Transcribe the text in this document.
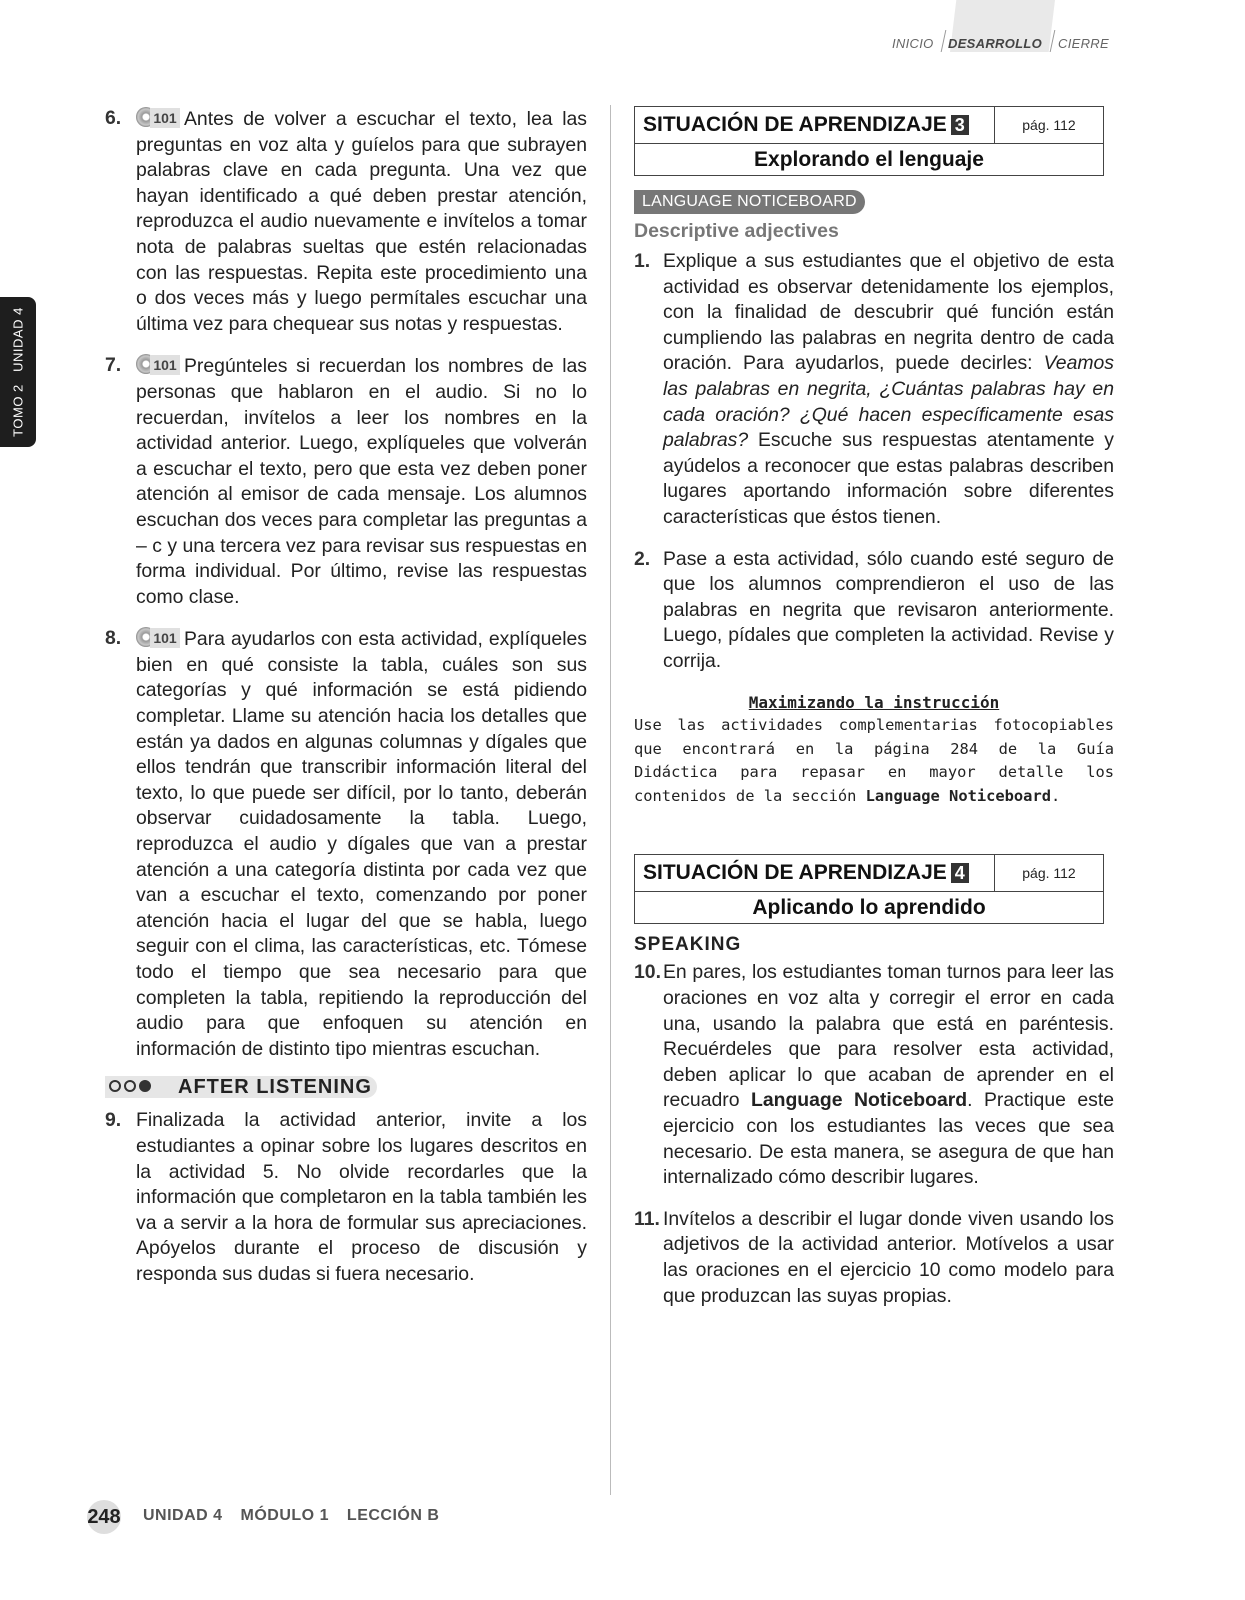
INICIO DESARROLLO CIERRE
TOMO 2   UNIDAD 4
6. 101 Antes de volver a escuchar el texto, lea las preguntas en voz alta y guíelos para que subrayen palabras clave en cada pregunta. Una vez que hayan identificado a qué deben prestar atención, reproduzca el audio nuevamente e invítelos a tomar nota de palabras sueltas que estén relacionadas con las respuestas. Repita este procedimiento una o dos veces más y luego permítales escuchar una última vez para chequear sus notas y respuestas.
7. 101 Pregúnteles si recuerdan los nombres de las personas que hablaron en el audio. Si no lo recuerdan, invítelos a leer los nombres en la actividad anterior. Luego, explíqueles que volverán a escuchar el texto, pero que esta vez deben poner atención al emisor de cada mensaje. Los alumnos escuchan dos veces para completar las preguntas a – c y una tercera vez para revisar sus respuestas en forma individual. Por último, revise las respuestas como clase.
8. 101 Para ayudarlos con esta actividad, explíqueles bien en qué consiste la tabla, cuáles son sus categorías y qué información se está pidiendo completar. Llame su atención hacia los detalles que están ya dados en algunas columnas y dígales que ellos tendrán que transcribir información literal del texto, lo que puede ser difícil, por lo tanto, deberán observar cuidadosamente la tabla. Luego, reproduzca el audio y dígales que van a prestar atención a una categoría distinta por cada vez que van a escuchar el texto, comenzando por poner atención hacia el lugar del que se habla, luego seguir con el clima, las características, etc. Tómese todo el tiempo que sea necesario para que completen la tabla, repitiendo la reproducción del audio para que enfoquen su atención en información de distinto tipo mientras escuchan.
AFTER LISTENING
9. Finalizada la actividad anterior, invite a los estudiantes a opinar sobre los lugares descritos en la actividad 5. No olvide recordarles que la información que completaron en la tabla también les va a servir a la hora de formular sus apreciaciones. Apóyelos durante el proceso de discusión y responda sus dudas si fuera necesario.
SITUACIÓN DE APRENDIZAJE 3	pág. 112
Explorando el lenguaje
LANGUAGE NOTICEBOARD
Descriptive adjectives
1. Explique a sus estudiantes que el objetivo de esta actividad es observar detenidamente los ejemplos, con la finalidad de descubrir qué función están cumpliendo las palabras en negrita dentro de cada oración. Para ayudarlos, puede decirles: Veamos las palabras en negrita, ¿Cuántas palabras hay en cada oración? ¿Qué hacen específicamente esas palabras? Escuche sus respuestas atentamente y ayúdelos a reconocer que estas palabras describen lugares aportando información sobre diferentes características que éstos tienen.
2. Pase a esta actividad, sólo cuando esté seguro de que los alumnos comprendieron el uso de las palabras en negrita que revisaron anteriormente. Luego, pídales que completen la actividad. Revise y corrija.
Maximizando la instrucción
Use las actividades complementarias fotocopiables que encontrará en la página 284 de la Guía Didáctica para repasar en mayor detalle los contenidos de la sección Language Noticeboard.
SITUACIÓN DE APRENDIZAJE 4	pág. 112
Aplicando lo aprendido
SPEAKING
10. En pares, los estudiantes toman turnos para leer las oraciones en voz alta y corregir el error en cada una, usando la palabra que está en paréntesis. Recuérdeles que para resolver esta actividad, deben aplicar lo que acaban de aprender en el recuadro Language Noticeboard. Practique este ejercicio con los estudiantes las veces que sea necesario. De esta manera, se asegura de que han internalizado cómo describir lugares.
11. Invítelos a describir el lugar donde viven usando los adjetivos de la actividad anterior. Motívelos a usar las oraciones en el ejercicio 10 como modelo para que produzcan las suyas propias.
248 UNIDAD 4 MÓDULO 1 LECCIÓN B
